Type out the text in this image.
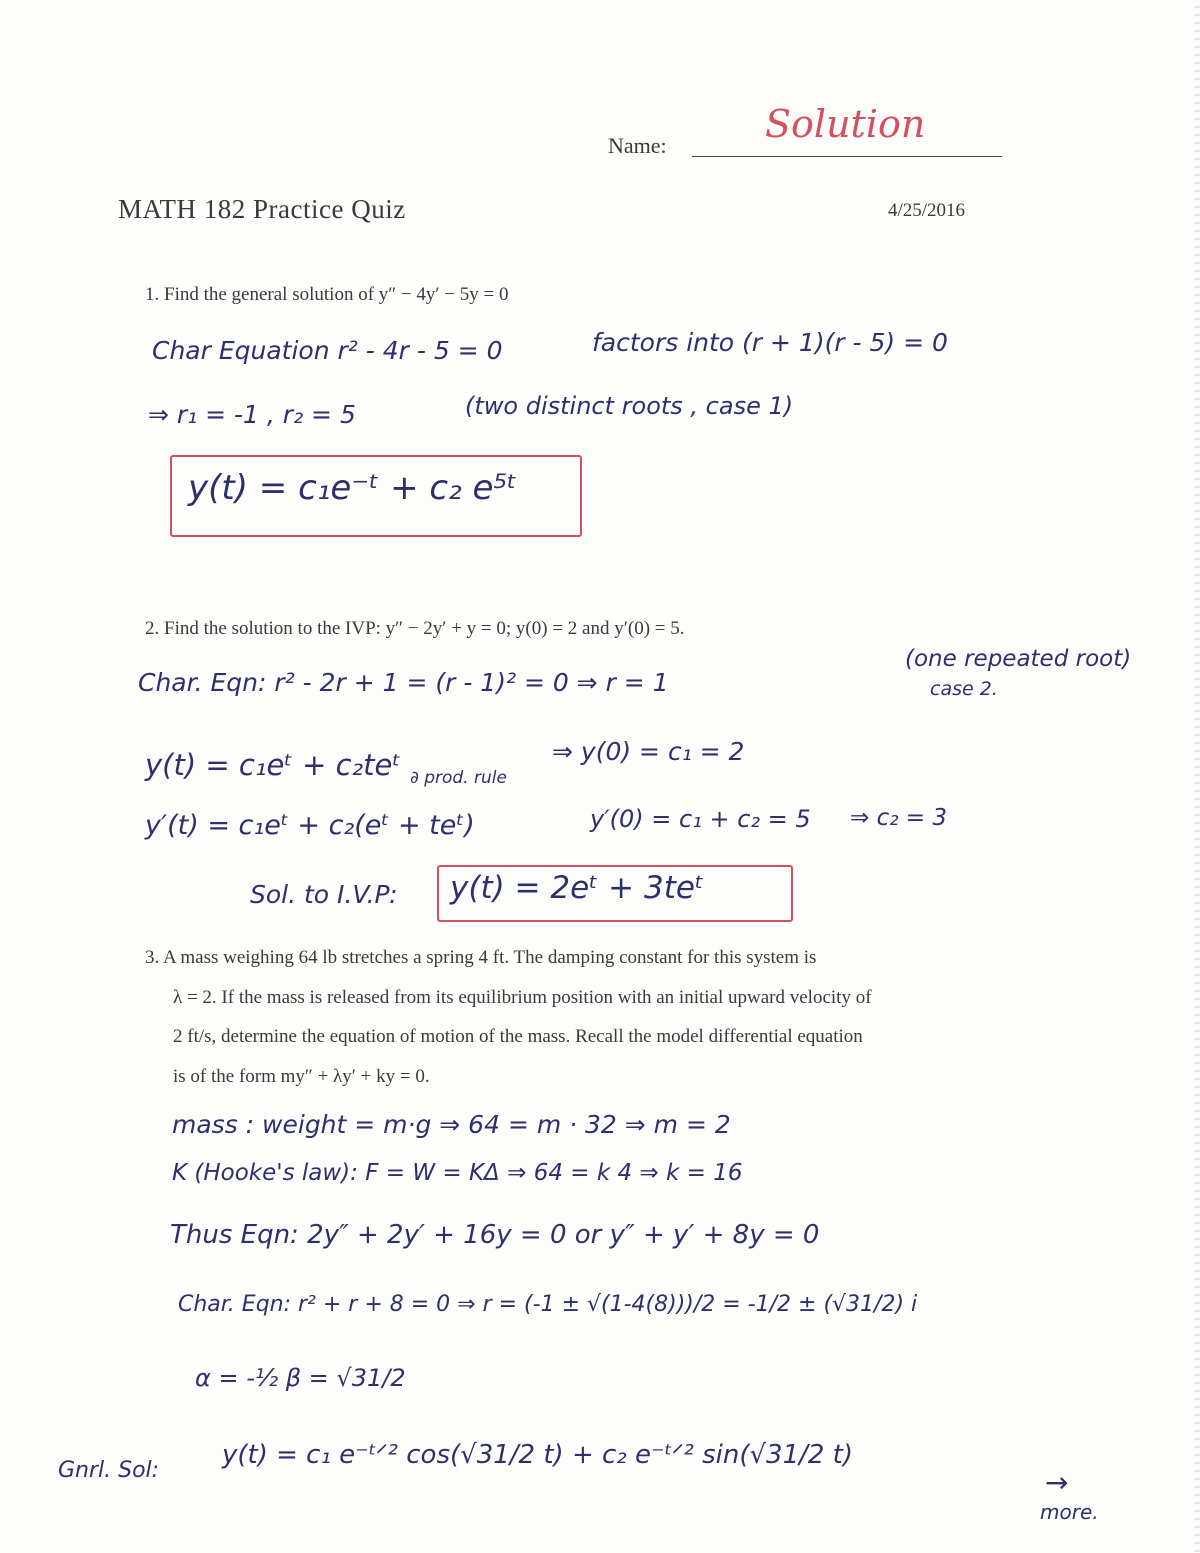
Name:	Solution
MATH 182 Practice Quiz	4/25/2016
1. Find the general solution of y″ − 4y′ − 5y = 0
Char Equation r² - 4r - 5 = 0	factors into (r + 1)(r - 5) = 0
⇒ r₁ = -1 , r₂ = 5	(two distinct roots , case 1)
y(t) = c₁e⁻ᵗ + c₂ e⁵ᵗ
2. Find the solution to the IVP: y″ − 2y′ + y = 0; y(0) = 2 and y′(0) = 5.
Char. Eqn: r² - 2r + 1 = (r - 1)² = 0 ⇒ r = 1
(one repeated root)
case 2.
y(t) = c₁eᵗ + c₂teᵗ ∂ prod. rule
⇒ y(0) = c₁ = 2
y′(t) = c₁eᵗ + c₂(eᵗ + teᵗ)	y′(0) = c₁ + c₂ = 5 ⇒ c₂ = 3
Sol. to I.V.P: y(t) = 2eᵗ + 3teᵗ
3. A mass weighing 64 lb stretches a spring 4 ft. The damping constant for this system is
λ = 2. If the mass is released from its equilibrium position with an initial upward velocity of
2 ft/s, determine the equation of motion of the mass. Recall the model differential equation
is of the form my″ + λy′ + ky = 0.
mass : weight = m·g ⇒ 64 = m · 32 ⇒ m = 2
K (Hooke's law): F = W = KΔ ⇒ 64 = k 4 ⇒ k = 16
Thus Eqn: 2y″ + 2y′ + 16y = 0 or y″ + y′ + 8y = 0
Char. Eqn: r² + r + 8 = 0 ⇒ r = (-1 ± √(1-4(8)))/2 = -1/2 ± (√31/2) i
α = -½ β = √31/2
Gnrl. Sol:
y(t) = c₁ e⁻ᵗᐟ² cos(√31/2 t) + c₂ e⁻ᵗᐟ² sin(√31/2 t)
→
more.
